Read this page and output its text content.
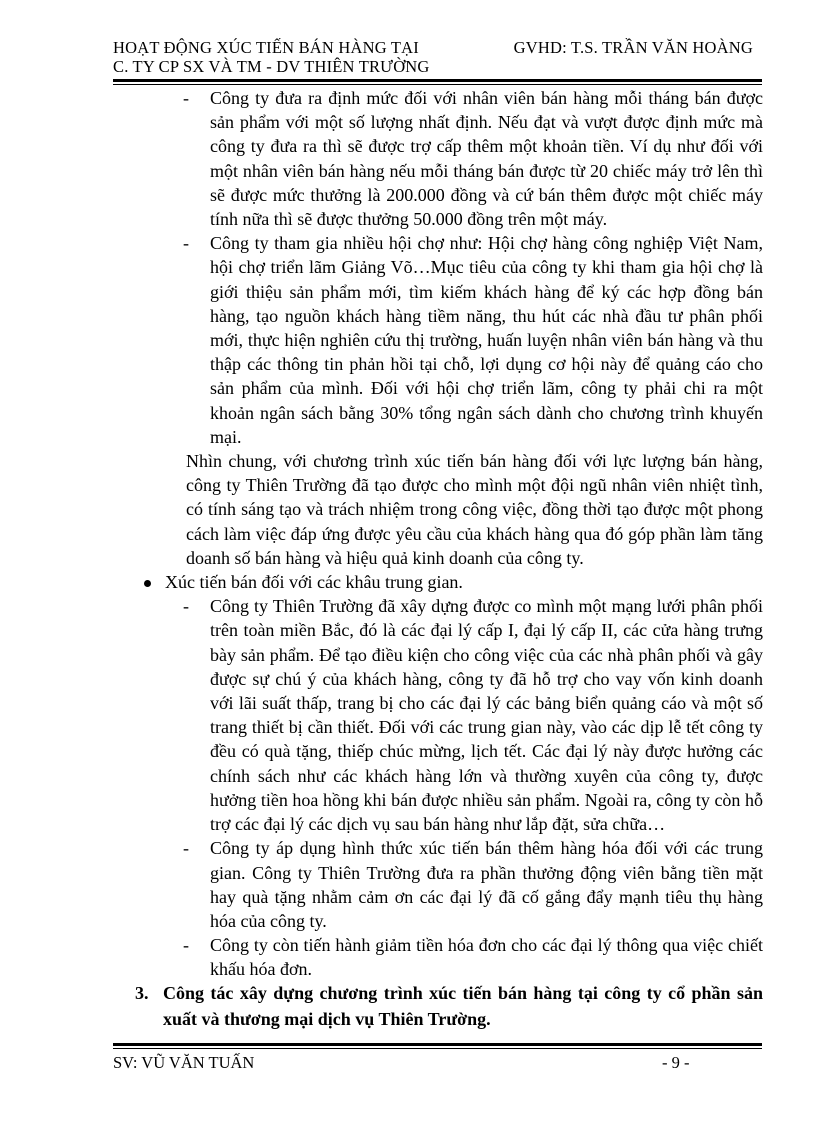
HOẠT ĐỘNG XÚC TIẾN BÁN HÀNG TẠI
C. TY CP SX VÀ TM - DV THIÊN TRƯỜNG
GVHD: T.S. TRẦN VĂN HOÀNG
- Công ty đưa ra định mức đối với nhân viên bán hàng mỗi tháng bán được sản phẩm với một số lượng nhất định. Nếu đạt và vượt được định mức mà công ty đưa ra thì sẽ được trợ cấp thêm một khoản tiền. Ví dụ như đối với một nhân viên bán hàng nếu mỗi tháng bán được từ 20 chiếc máy trở lên thì sẽ được mức thưởng là 200.000 đồng và cứ bán thêm được một chiếc máy tính nữa thì sẽ được thưởng 50.000 đồng trên một máy.
- Công ty tham gia nhiều hội chợ như: Hội chợ hàng công nghiệp Việt Nam, hội chợ triển lãm Giảng Võ…Mục tiêu của công ty khi tham gia hội chợ là giới thiệu sản phẩm mới, tìm kiếm khách hàng để ký các hợp đồng bán hàng, tạo nguồn khách hàng tiềm năng, thu hút các nhà đầu tư phân phối mới, thực hiện nghiên cứu thị trường, huấn luyện nhân viên bán hàng và thu thập các thông tin phản hồi tại chỗ, lợi dụng cơ hội này để quảng cáo cho sản phẩm của mình. Đối với hội chợ triển lãm, công ty phải chi ra một khoản ngân sách bằng 30% tổng ngân sách dành cho chương trình khuyến mại.
Nhìn chung, với chương trình xúc tiến bán hàng đối với lực lượng bán hàng, công ty Thiên Trường đã tạo được cho mình một đội ngũ nhân viên nhiệt tình, có tính sáng tạo và trách nhiệm trong công việc, đồng thời tạo được một phong cách làm việc đáp ứng được yêu cầu của khách hàng qua đó góp phần làm tăng doanh số bán hàng và hiệu quả kinh doanh của công ty.
Xúc tiến bán đối với các khâu trung gian.
- Công ty Thiên Trường đã xây dựng được co mình một mạng lưới phân phối trên toàn miền Bắc, đó là các đại lý cấp I, đại lý cấp II, các cửa hàng trưng bày sản phẩm. Để tạo điều kiện cho công việc của các nhà phân phối và gây được sự chú ý của khách hàng, công ty đã hỗ trợ cho vay vốn kinh doanh với lãi suất thấp, trang bị cho các đại lý các bảng biển quảng cáo và một số trang thiết bị cần thiết. Đối với các trung gian này, vào các dịp lễ tết công ty đều có quà tặng, thiếp chúc mừng, lịch tết. Các đại lý này được hưởng các chính sách như các khách hàng lớn và thường xuyên của công ty, được hưởng tiền hoa hồng khi bán được nhiều sản phẩm. Ngoài ra, công ty còn hỗ trợ các đại lý các dịch vụ sau bán hàng như lắp đặt, sửa chữa…
- Công ty áp dụng hình thức xúc tiến bán thêm hàng hóa đối với các trung gian. Công ty Thiên Trường đưa ra phần thưởng động viên bằng tiền mặt hay quà tặng nhằm cảm ơn các đại lý đã cố gắng đẩy mạnh tiêu thụ hàng hóa của công ty.
- Công ty còn tiến hành giảm tiền hóa đơn cho các đại lý thông qua việc chiết khấu hóa đơn.
3. Công tác xây dựng chương trình xúc tiến bán hàng tại công ty cổ phần sản xuất và thương mại dịch vụ Thiên Trường.
SV: VŨ VĂN TUẤN	- 9 -
